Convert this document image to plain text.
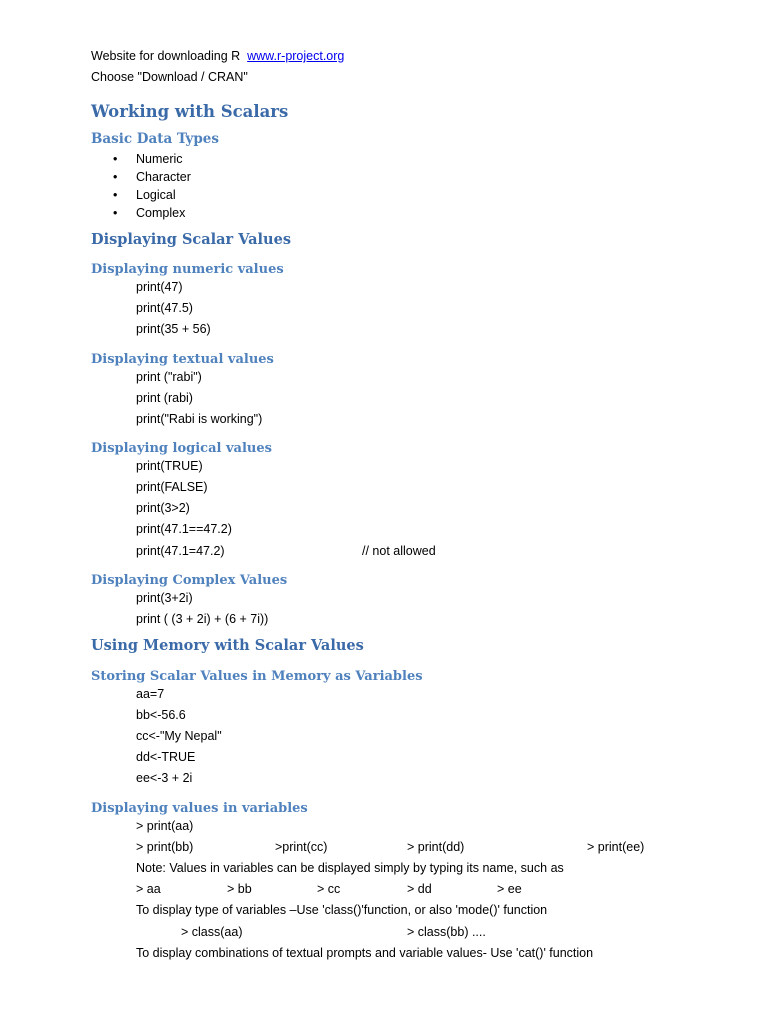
Website for downloading R www.r-project.org
Choose "Download / CRAN"
Working with Scalars
Basic Data Types
• Numeric
• Character
• Logical
• Complex
Displaying Scalar Values
Displaying numeric values
print(47)
print(47.5)
print(35 + 56)
Displaying textual values
print ("rabi")
print (rabi)
print("Rabi is working")
Displaying logical values
print(TRUE)
print(FALSE)
print(3>2)
print(47.1==47.2)
print(47.1=47.2)	// not allowed
Displaying Complex Values
print(3+2i)
print ( (3 + 2i) + (6 + 7i))
Using Memory with Scalar Values
Storing Scalar Values in Memory as Variables
aa=7
bb<-56.6
cc<-"My Nepal"
dd<-TRUE
ee<-3 + 2i
Displaying values in variables
> print(aa)
> print(bb)	>print(cc)	> print(dd)	> print(ee)
Note: Values in variables can be displayed simply by typing its name, such as
> aa	> bb	> cc	> dd	> ee
To display type of variables –Use 'class()'function, or also 'mode()' function
> class(aa)	> class(bb) ....
To display combinations of textual prompts and variable values- Use 'cat()' function
